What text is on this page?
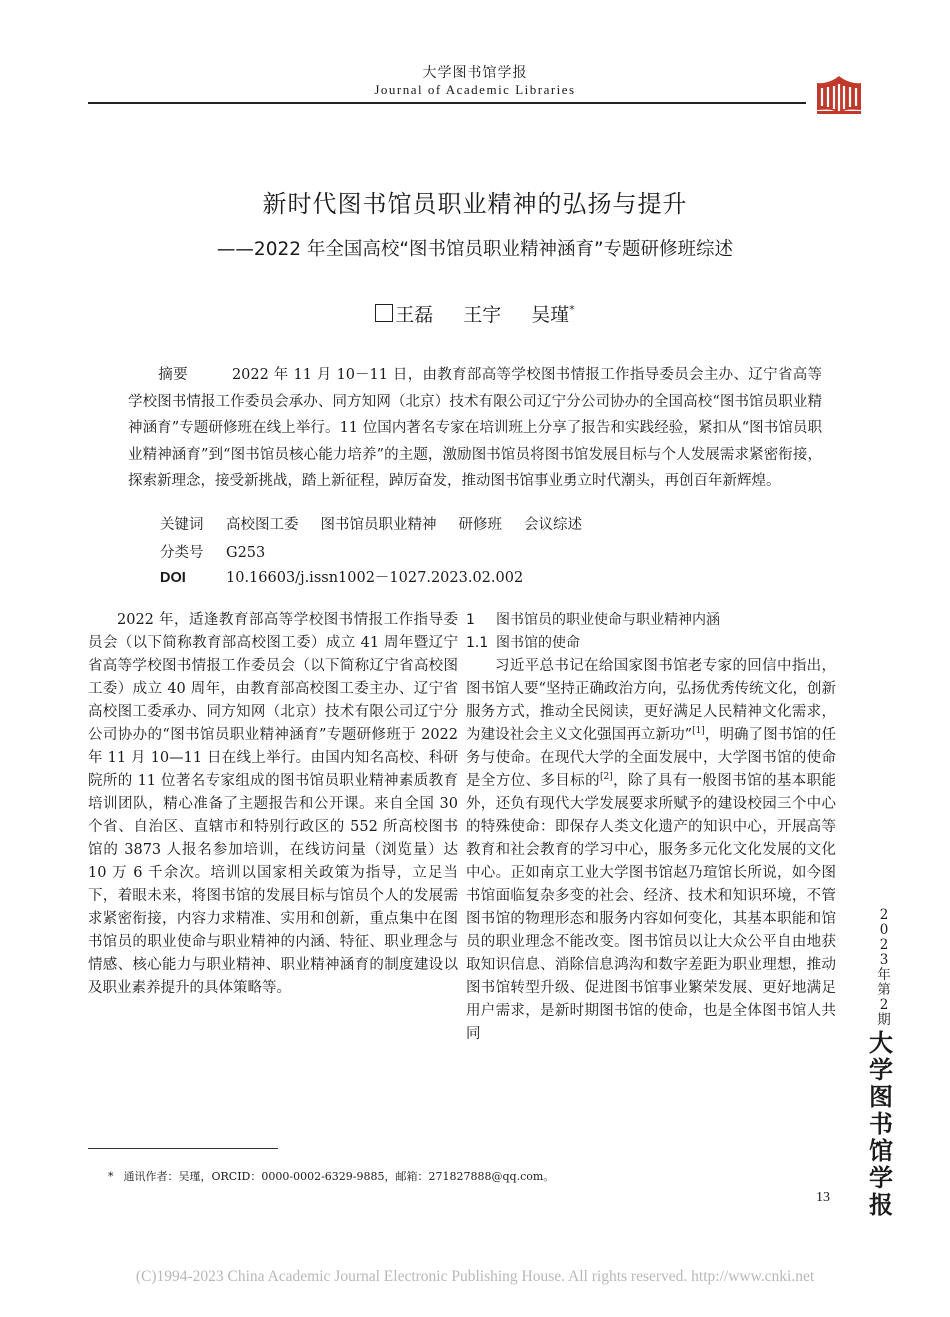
大学图书馆学报
Journal of Academic Libraries
新时代图书馆员职业精神的弘扬与提升
——2022 年全国高校“图书馆员职业精神涵育”专题研修班综述
王磊 王宇 吴瑾*
摘要	2022 年 11 月 10－11 日，由教育部高等学校图书情报工作指导委员会主办、辽宁省高等学校图书情报工作委员会承办、同方知网（北京）技术有限公司辽宁分公司协办的全国高校“图书馆员职业精神涵育”专题研修班在线上举行。11 位国内著名专家在培训班上分享了报告和实践经验，紧扣从“图书馆员职业精神涵育”到“图书馆员核心能力培养”的主题，激励图书馆员将图书馆发展目标与个人发展需求紧密衔接，探索新理念，接受新挑战，踏上新征程，踔厉奋发，推动图书馆事业勇立时代潮头，再创百年新辉煌。
关键词 高校图工委 图书馆员职业精神 研修班 会议综述
分类号 G253
DOI	10.16603/j.issn1002－1027.2023.02.002

2022 年，适逢教育部高等学校图书情报工作指导委员会（以下简称教育部高校图工委）成立 41 周年暨辽宁省高等学校图书情报工作委员会（以下简称辽宁省高校图工委）成立 40 周年，由教育部高校图工委主办、辽宁省高校图工委承办、同方知网（北京）技术有限公司辽宁分公司协办的“图书馆员职业精神涵育”专题研修班于 2022 年 11 月 10—11 日在线上举行。由国内知名高校、科研院所的 11 位著名专家组成的图书馆员职业精神素质教育培训团队，精心准备了主题报告和公开课。来自全国 30 个省、自治区、直辖市和特别行政区的 552 所高校图书馆的 3873 人报名参加培训，在线访问量（浏览量）达 10 万 6 千余次。培训以国家相关政策为指导，立足当下，着眼未来，将图书馆的发展目标与馆员个人的发展需求紧密衔接，内容力求精准、实用和创新，重点集中在图书馆员的职业使命与职业精神的内涵、特征、职业理念与情感、核心能力与职业精神、职业精神涵育的制度建设以及职业素养提升的具体策略等。

1 图书馆员的职业使命与职业精神内涵

1.1 图书馆的使命

习近平总书记在给国家图书馆老专家的回信中指出，图书馆人要“坚持正确政治方向，弘扬优秀传统文化，创新服务方式，推动全民阅读，更好满足人民精神文化需求，为建设社会主义文化强国再立新功”[1]，明确了图书馆的任务与使命。在现代大学的全面发展中，大学图书馆的使命是全方位、多目标的[2]，除了具有一般图书馆的基本职能外，还负有现代大学发展要求所赋予的建设校园三个中心的特殊使命：即保存人类文化遗产的知识中心，开展高等教育和社会教育的学习中心，服务多元化文化发展的文化中心。正如南京工业大学图书馆赵乃瑄馆长所说，如今图书馆面临复杂多变的社会、经济、技术和知识环境，不管图书馆的物理形态和服务内容如何变化，其基本职能和馆员的职业理念不能改变。图书馆员以让大众公平自由地获取知识信息、消除信息鸿沟和数字差距为职业理想，推动图书馆转型升级、促进图书馆事业繁荣发展、更好地满足用户需求，是新时期图书馆的使命，也是全体图书馆人共同

2
0
2
3
年
第
2
期
大
学
图
书
馆
学
报
* 通讯作者：吴瑾，ORCID：0000-0002-6329-9885，邮箱：271827888@qq.com。
13
(C)1994-2023 China Academic Journal Electronic Publishing House. All rights reserved. http://www.cnki.net
